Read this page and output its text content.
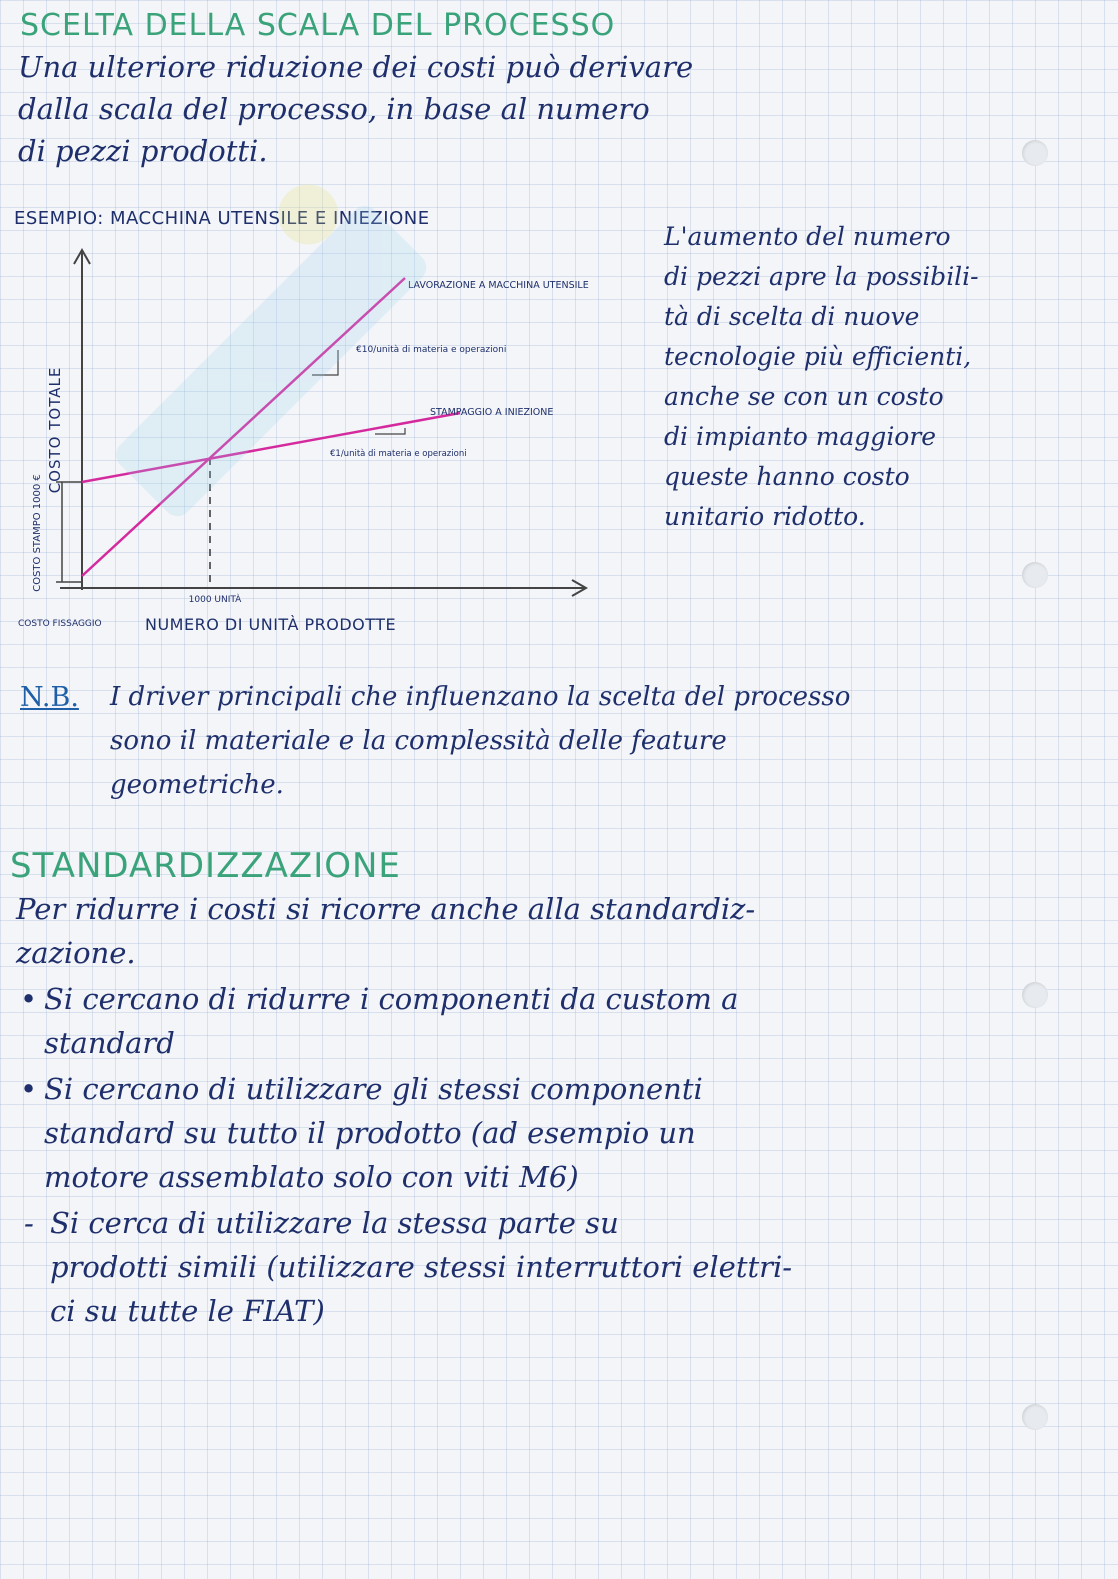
SCELTA DELLA SCALA DEL PROCESSO
Una ulteriore riduzione dei costi può derivare
dalla scala del processo, in base al numero
di pezzi prodotti.
ESEMPIO: MACCHINA UTENSILE E INIEZIONE
L'aumento del numero
di pezzi apre la possibili-
tà di scelta di nuove
tecnologie più efficienti,
anche se con un costo
di impianto maggiore
queste hanno costo
unitario ridotto.
COSTO TOTALE
COSTO STAMPO 1000 €
1000 UNITÀ
NUMERO DI UNITÀ PRODOTTE
COSTO FISSAGGIO
LAVORAZIONE A MACCHINA UTENSILE
€10/unità di materia e operazioni
STAMPAGGIO A INIEZIONE
€1/unità di materia e operazioni
N.B. I driver principali che influenzano la scelta del processo
sono il materiale e la complessità delle feature
geometriche.
STANDARDIZZAZIONE
Per ridurre i costi si ricorre anche alla standardiz-
zazione.
• Si cercano di ridurre i componenti da custom a
standard
• Si cercano di utilizzare gli stessi componenti
standard su tutto il prodotto (ad esempio un
motore assemblato solo con viti M6)
- Si cerca di utilizzare la stessa parte su
prodotti simili (utilizzare stessi interruttori elettri-
ci su tutte le FIAT)
